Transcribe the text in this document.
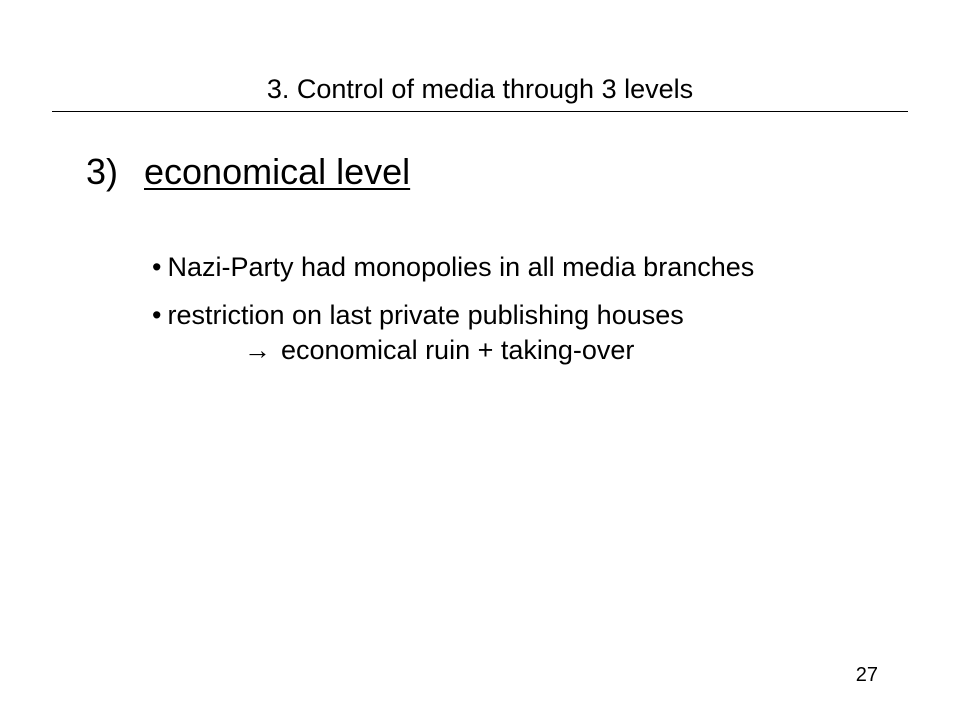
3. Control of media through 3 levels
3) economical level
• Nazi-Party had monopolies in all media branches
• restriction on last private publishing houses
→ economical ruin + taking-over
27
